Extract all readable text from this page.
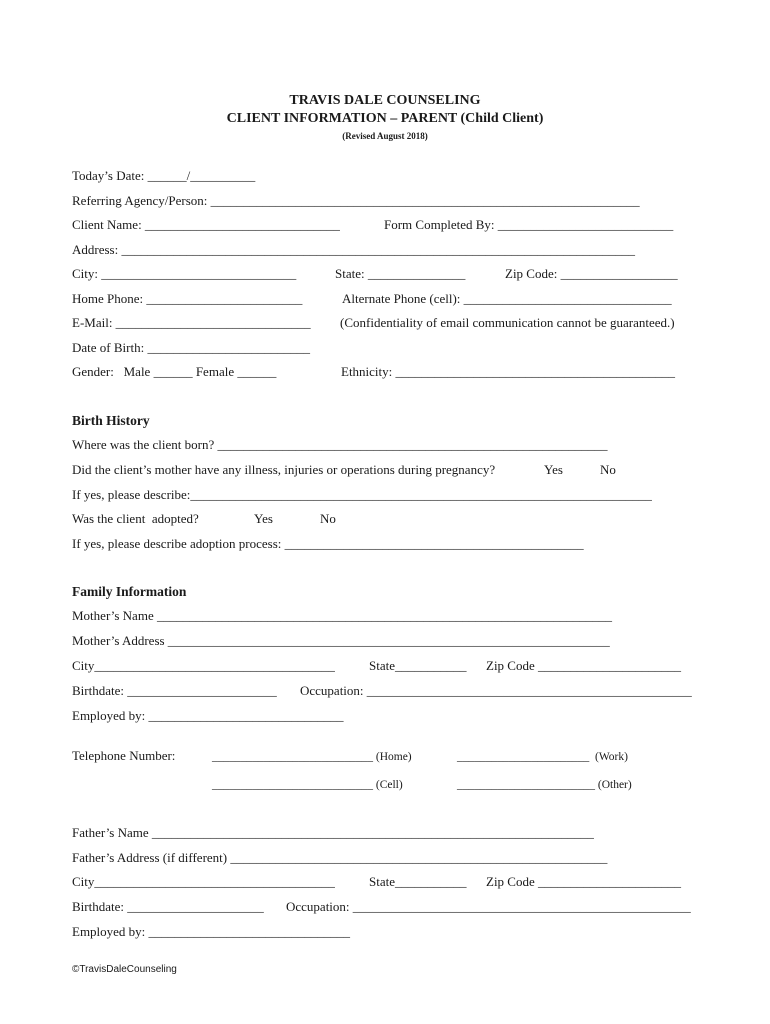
TRAVIS DALE COUNSELING
CLIENT INFORMATION – PARENT (Child Client)
(Revised August 2018)
Today’s Date: ______/__________
Referring Agency/Person: __________________________________________________________________
Client Name: ______________________________	Form Completed By: ___________________________
Address: _______________________________________________________________________________
City: ______________________________	State: _______________	Zip Code: __________________
Home Phone: ________________________	Alternate Phone (cell): ________________________________
E-Mail: ______________________________ (Confidentiality of email communication cannot be guaranteed.)
Date of Birth: _________________________
Gender:   Male ______ Female ______	Ethnicity: ___________________________________________
Birth History
Where was the client born? ____________________________________________________________
Did the client’s mother have any illness, injuries or operations during pregnancy?	Yes	No
If yes, please describe:_______________________________________________________________________
Was the client  adopted?	Yes	No
If yes, please describe adoption process: ______________________________________________
Family Information
Mother’s Name ______________________________________________________________________
Mother’s Address ____________________________________________________________________
City_____________________________________	State___________ Zip Code ______________________
Birthdate: _______________________ Occupation: __________________________________________________
Employed by: ______________________________
Telephone Number:	____________________________ (Home)	_______________________  (Work)
____________________________ (Cell)	________________________ (Other)
Father’s Name ____________________________________________________________________
Father’s Address (if different) __________________________________________________________
City_____________________________________	State___________ Zip Code ______________________
Birthdate: _____________________ Occupation: ____________________________________________________
Employed by: _______________________________
©TravisDaleCounseling
